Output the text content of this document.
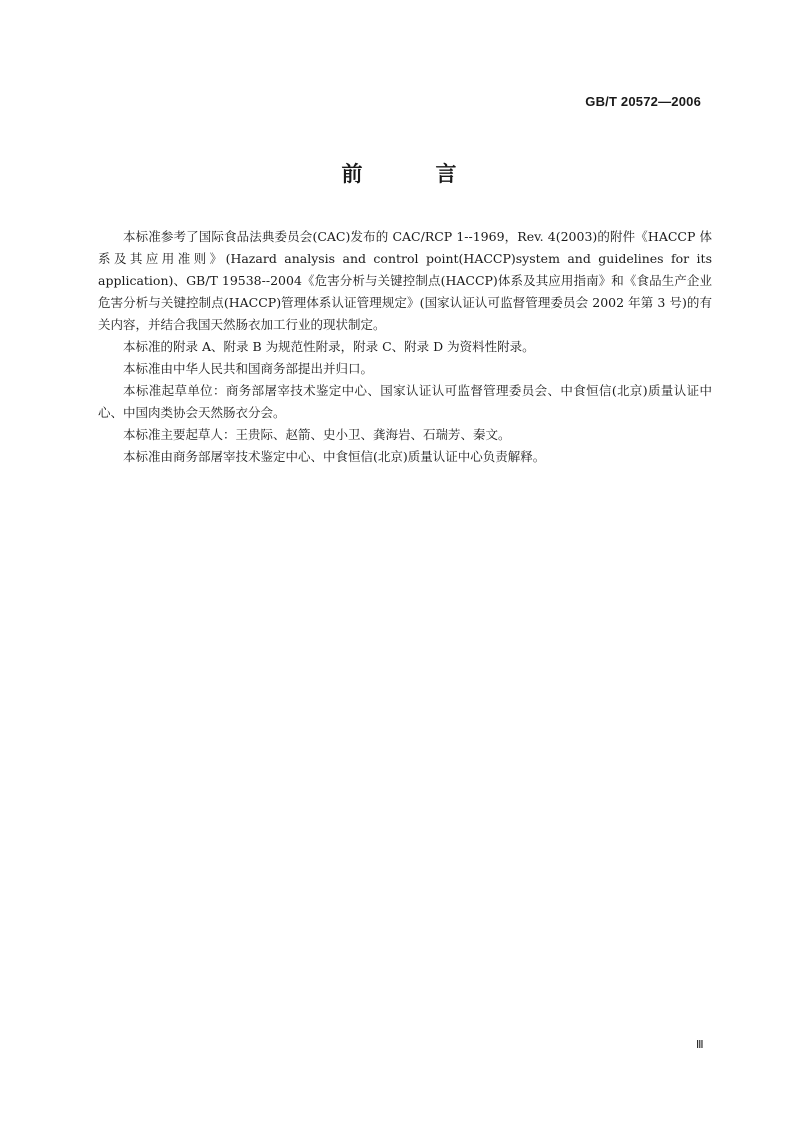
GB/T 20572—2006
前　言

本标准参考了国际食品法典委员会(CAC)发布的 CAC/RCP 1--1969，Rev. 4(2003)的附件《HACCP 体系及其应用准则》(Hazard analysis and control point(HACCP)system and guidelines for its application)、GB/T 19538--2004《危害分析与关键控制点(HACCP)体系及其应用指南》和《食品生产企业危害分析与关键控制点(HACCP)管理体系认证管理规定》(国家认证认可监督管理委员会 2002 年第 3 号)的有关内容，并结合我国天然肠衣加工行业的现状制定。

本标准的附录 A、附录 B 为规范性附录，附录 C、附录 D 为资料性附录。

本标准由中华人民共和国商务部提出并归口。

本标准起草单位：商务部屠宰技术鉴定中心、国家认证认可监督管理委员会、中食恒信(北京)质量认证中心、中国肉类协会天然肠衣分会。

本标准主要起草人：王贵际、赵箭、史小卫、龚海岩、石瑞芳、秦文。

本标准由商务部屠宰技术鉴定中心、中食恒信(北京)质量认证中心负责解释。

Ⅲ
